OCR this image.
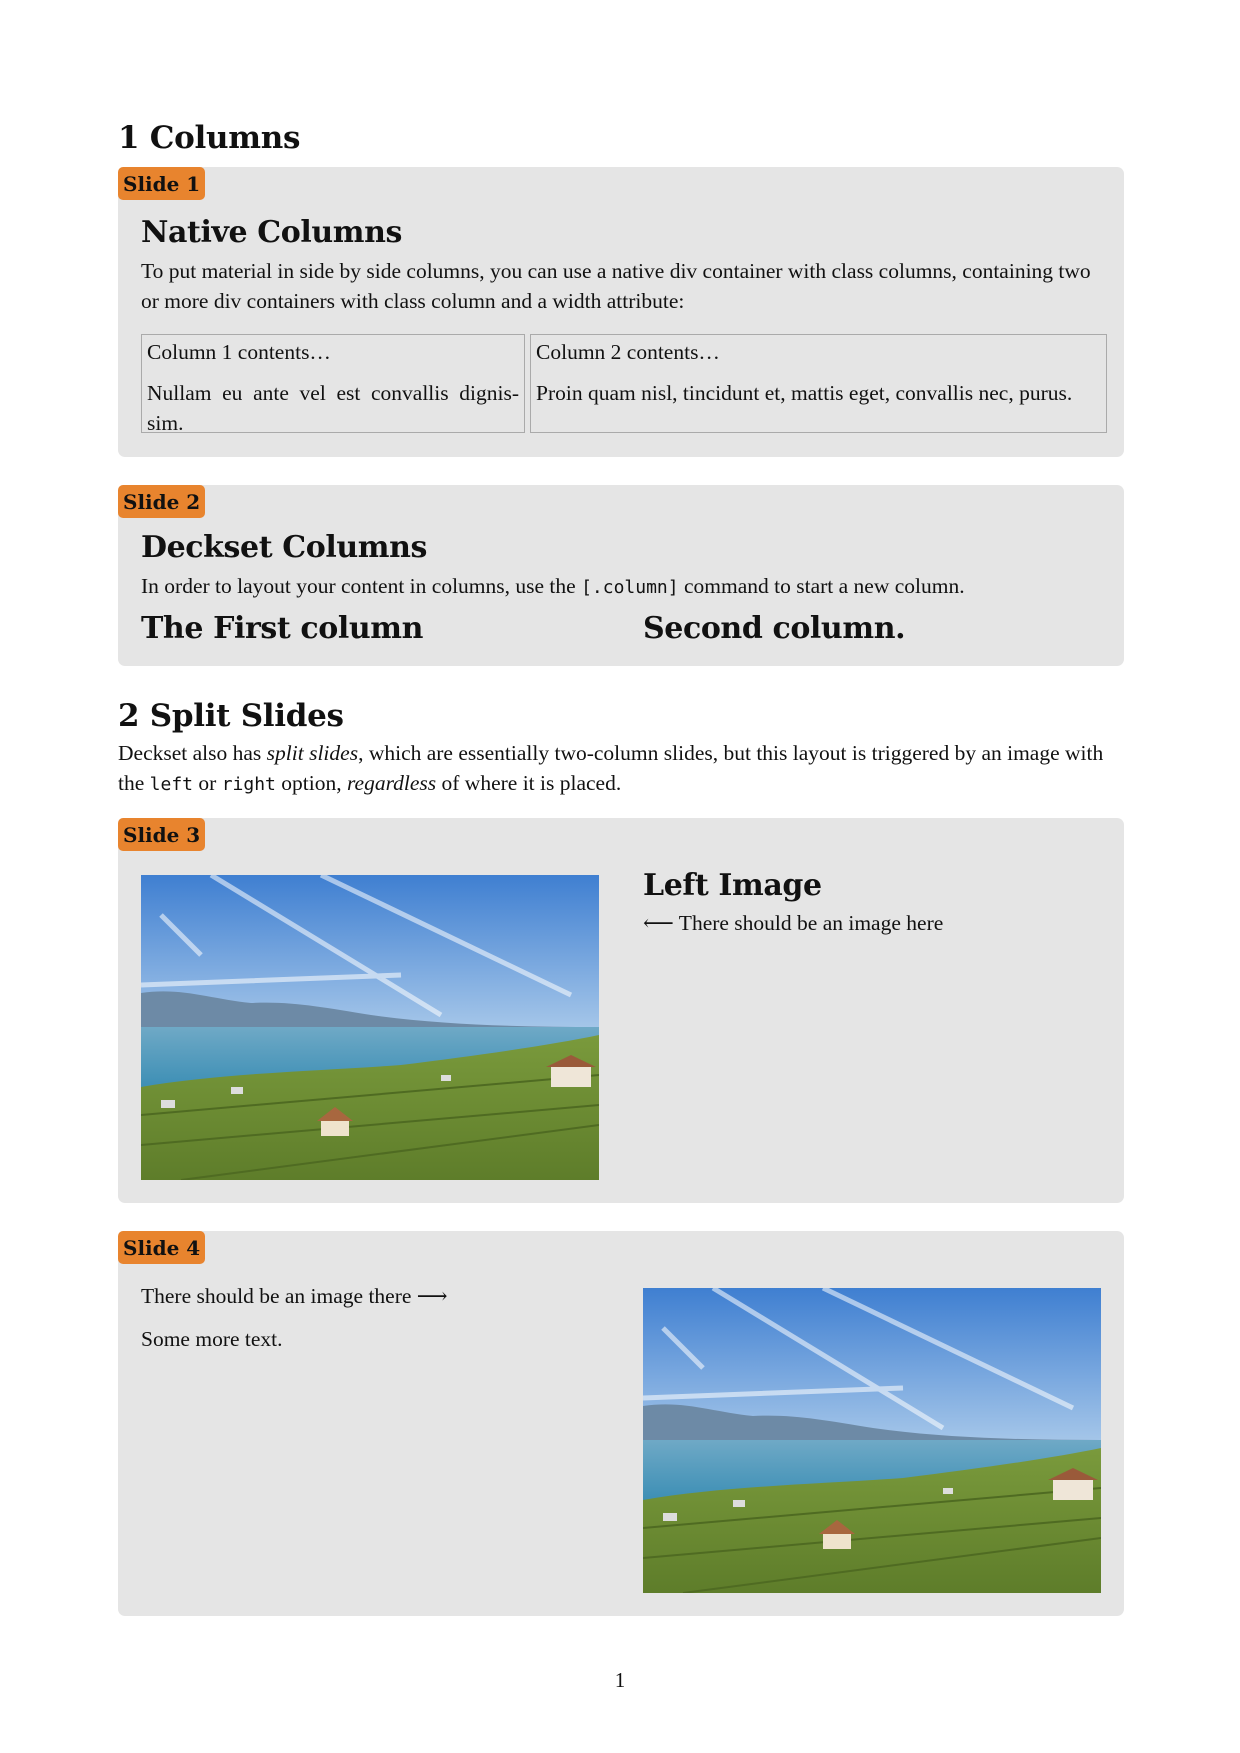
1 Columns
Slide 1
Native Columns

To put material in side by side columns, you can use a native div container with class columns, containing two or more div containers with class column and a width attribute:

Column 1 contents…

Nullam eu ante vel est convallis dignis-sim.

Column 2 contents…

Proin quam nisl, tincidunt et, mattis eget, convallis nec, purus.

Slide 2
Deckset Columns

In order to layout your content in columns, use the [.column] command to start a new column.

The First column	Second column.
2 Split Slides

Deckset also has split slides, which are essentially two-column slides, but this layout is triggered by an image with the left or right option, regardless of where it is placed.

Slide 3
Left Image

⟵ There should be an image here

Slide 4

There should be an image there ⟶

Some more text.

1
